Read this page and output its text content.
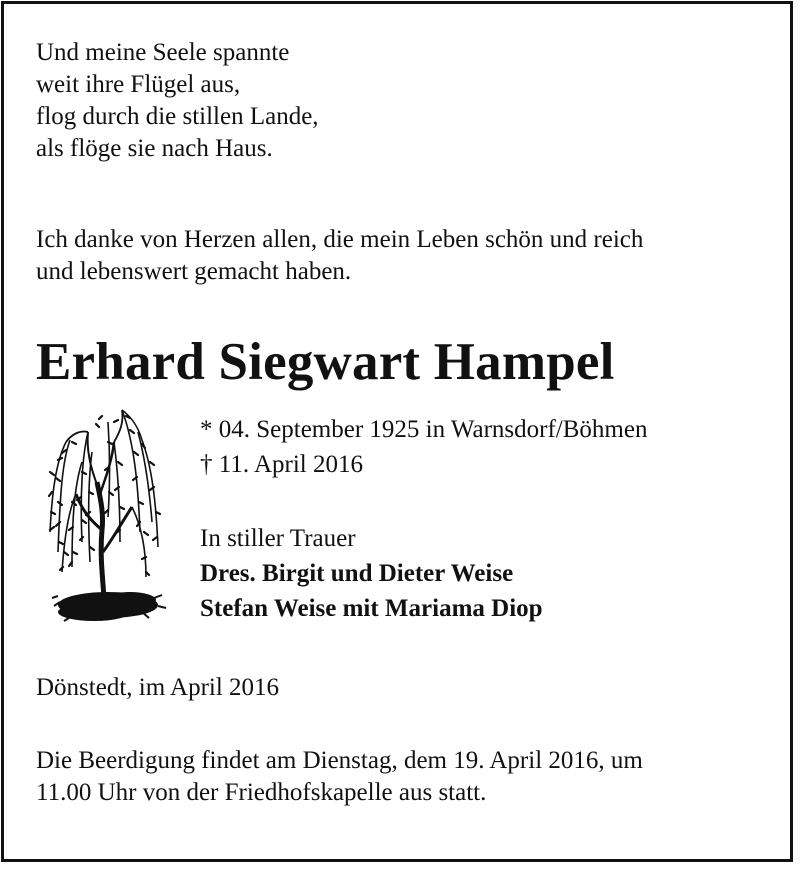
Und meine Seele spannte
weit ihre Flügel aus,
flog durch die stillen Lande,
als flöge sie nach Haus.
Ich danke von Herzen allen, die mein Leben schön und reich
und lebenswert gemacht haben.
Erhard Siegwart Hampel
* 04. September 1925 in Warnsdorf/Böhmen
† 11. April 2016
In stiller Trauer
Dres. Birgit und Dieter Weise
Stefan Weise mit Mariama Diop
Dönstedt, im April 2016
Die Beerdigung findet am Dienstag, dem 19. April 2016, um
11.00 Uhr von der Friedhofskapelle aus statt.
